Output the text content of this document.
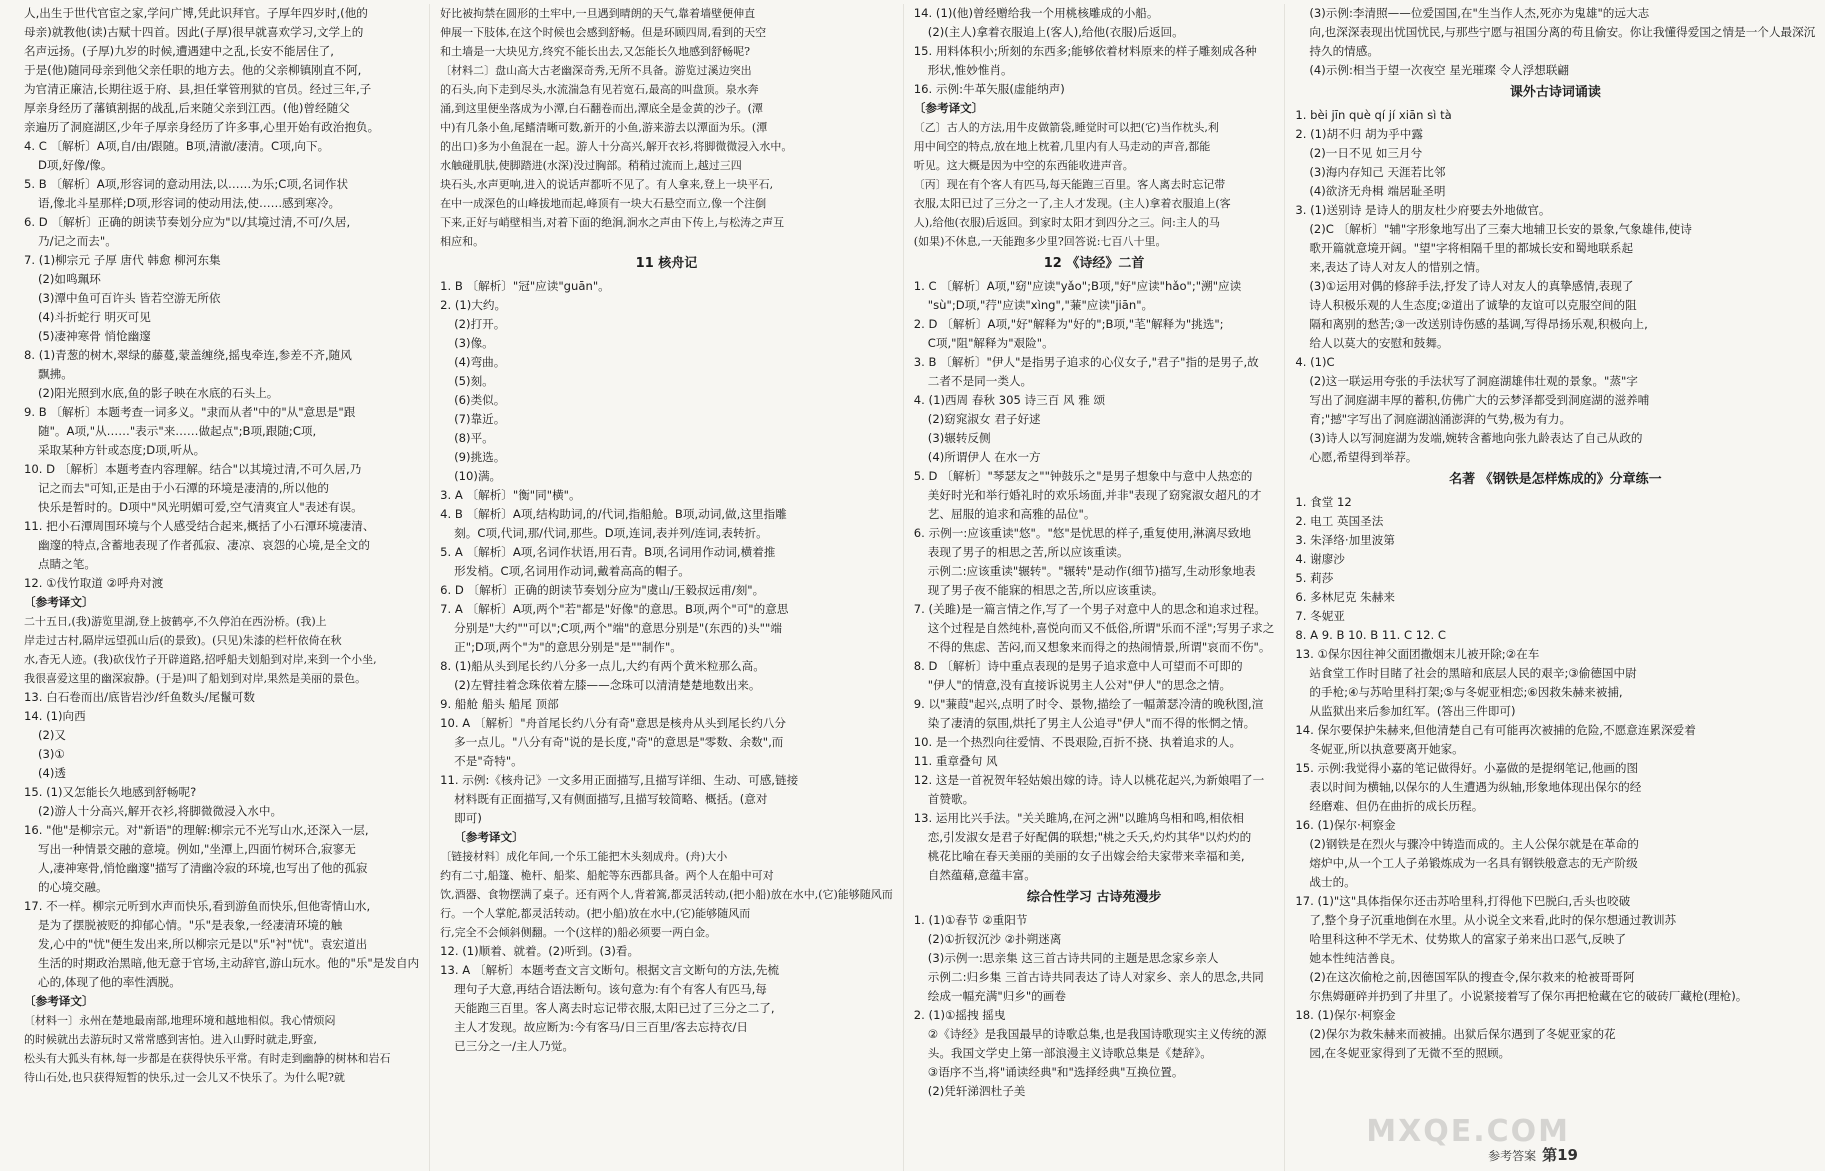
人,出生于世代官宦之家,学问广博,凭此识拜官。子厚年四岁时,(他的
母亲)就教他(读)古赋十四首。因此(子厚)很早就喜欢学习,文学上的
名声远扬。(子厚)九岁的时候,遭遇建中之乱,长安不能居住了,
于是(他)随同母亲到他父亲任职的地方去。他的父亲柳镇刚直不阿,
为官清正廉洁,长期往返于府、县,担任掌管刑狱的官员。经过三年,子
厚亲身经历了藩镇割据的战乱,后来随父亲到江西。(他)曾经随父
亲遍历了洞庭湖区,少年子厚亲身经历了许多事,心里开始有政治抱负。
4. C 〔解析〕A项,自/由/跟随。B项,清澈/凄清。C项,向下。
D项,好像/像。
5. B 〔解析〕A项,形容词的意动用法,以……为乐;C项,名词作状
语,像北斗星那样;D项,形容词的使动用法,使……感到寒冷。
6. D 〔解析〕正确的朗读节奏划分应为"以/其境过清,不可/久居,
乃/记之而去"。
7. (1)柳宗元 子厚 唐代 韩愈 柳河东集
(2)如鸣珮环
(3)潭中鱼可百许头 皆若空游无所依
(4)斗折蛇行 明灭可见
(5)凄神寒骨 悄怆幽邃
8. (1)青葱的树木,翠绿的藤蔓,蒙盖缠绕,摇曳牵连,参差不齐,随风
飘拂。
(2)阳光照到水底,鱼的影子映在水底的石头上。
9. B 〔解析〕本题考查一词多义。"隶而从者"中的"从"意思是"跟
随"。A项,"从……"表示"来……做起点";B项,跟随;C项,
采取某种方针或态度;D项,听从。
10. D 〔解析〕本题考查内容理解。结合"以其境过清,不可久居,乃
记之而去"可知,正是由于小石潭的环境是凄清的,所以他的
快乐是暂时的。D项中"风光明媚可爱,空气清爽宜人"表述有误。
11. 把小石潭周围环境与个人感受结合起来,概括了小石潭环境凄清、
幽邃的特点,含蓄地表现了作者孤寂、凄凉、哀怨的心境,是全文的
点睛之笔。
12. ①伐竹取道 ②呼舟对渡
〔参考译文〕
二十五日,(我)游览里湖,登上披鹤亭,不久停泊在西汾桥。(我)上
岸走过古村,隔岸远望孤山后(的景致)。(只见)朱漆的栏杆依倚在秋
水,杳无人迹。(我)砍伐竹子开辟道路,招呼船夫划船到对岸,来到一个小坐,
我很喜爱这里的幽深寂静。(于是)叫了船划到对岸,果然是美丽的景色。
13. 白石卷而出/底皆岩沙/纤鱼数头/尾鬣可数
14. (1)向西
(2)又
(3)①
(4)透
15. (1)又怎能长久地感到舒畅呢?
(2)游人十分高兴,解开衣衫,将脚微微浸入水中。
16. "他"是柳宗元。对"新语"的理解:柳宗元不光写山水,还深入一层,
写出一种情景交融的意境。例如,"坐潭上,四面竹树环合,寂寥无
人,凄神寒骨,悄怆幽邃"描写了清幽冷寂的环境,也写出了他的孤寂
的心境交融。
17. 不一样。柳宗元听到水声而快乐,看到游鱼而快乐,但他寄情山水,
是为了摆脱被贬的抑郁心情。"乐"是表象,一经凄清环境的触
发,心中的"忧"便生发出来,所以柳宗元是以"乐"衬"忧"。袁宏道出
生活的时期政治黑暗,他无意于官场,主动辞官,游山玩水。他的"乐"是发自内
心的,体现了他的率性洒脱。
〔参考译文〕
〔材料一〕永州在楚地最南部,地理环境和越地相似。我心情烦闷
的时候就出去游玩时又常常感到害怕。进入山野时就走,野蛮,
松头有大狐头有林,每一步都是在获得快乐平常。有时走到幽静的树林和岩石
待山石处,也只获得短暂的快乐,过一会儿又不快乐了。为什么呢?就
好比被拘禁在圆形的土牢中,一旦遇到晴朗的天气,靠着墙壁便伸直
伸展一下肢体,在这个时候也会感到舒畅。但是环顾四周,看到的天空
和土墙是一大块见方,终究不能长出去,又怎能长久地感到舒畅呢?
〔材料二〕盘山高大古老幽深奇秀,无所不具备。游览过溪边突出
的石头,向下走到尽头,水流湍急有见若宽石,最高的叫盘顶。泉水奔
涌,到这里便坐落成为小潭,白石翻卷而出,潭底全是金黄的沙子。(潭
中)有几条小鱼,尾鳍清晰可数,新开的小鱼,游来游去以潭面为乐。(潭
的出口)多为小鱼混在一起。游人十分高兴,解开衣衫,将脚微微浸入水中。
水触碰肌肤,使脚踏进(水深)没过胸部。稍稍过流而上,越过三四
块石头,水声更响,进入的说话声都听不见了。有人拿来,登上一块平石,
在中一成深色的山峰拔地而起,峰顶有一块大石悬空而立,像一个注倒
下来,正好与峭壁相当,对着下面的绝涧,涧水之声由下传上,与松涛之声互
相应和。
11 核舟记
1. B 〔解析〕"冠"应读"guān"。
2. (1)大约。
(2)打开。
(3)像。
(4)弯曲。
(5)刻。
(6)类似。
(7)靠近。
(8)平。
(9)挑选。
(10)满。
3. A 〔解析〕"衡"同"横"。
4. B 〔解析〕A项,结构助词,的/代词,指船舱。B项,动词,做,这里指雕
刻。C项,代词,那/代词,那些。D项,连词,表并列/连词,表转折。
5. A 〔解析〕A项,名词作状语,用石青。B项,名词用作动词,横着推
形发梢。C项,名词用作动词,戴着高高的帽子。
6. D 〔解析〕正确的朗读节奏划分应为"虞山/王毅叔远甫/刻"。
7. A 〔解析〕A项,两个"若"都是"好像"的意思。B项,两个"可"的意思
分别是"大约""可以";C项,两个"端"的意思分别是"(东西的)头""端
正";D项,两个"为"的意思分别是"是""制作"。
8. (1)船从头到尾长约八分多一点儿,大约有两个黄米粒那么高。
(2)左臂挂着念珠依着左膝——念珠可以清清楚楚地数出来。
9. 船舱 船头 船尾 顶部
10. A 〔解析〕"舟首尾长约八分有奇"意思是核舟从头到尾长约八分
多一点儿。"八分有奇"说的是长度,"奇"的意思是"零数、余数",而
不是"奇特"。
11. 示例:《核舟记》一文多用正面描写,且描写详细、生动、可感,链接
材料既有正面描写,又有侧面描写,且描写较简略、概括。(意对
即可)
〔参考译文〕
〔链接材料〕成化年间,一个乐工能把木头刻成舟。(舟)大小
约有二寸,船篷、桅杆、船桨、船舵等东西都具备。两个人在船中可对
饮,酒器、食物摆满了桌子。还有两个人,背着篙,都灵活转动,(把小船)放在水中,(它)能够随风而
行。一个人掌舵,都灵活转动。(把小船)放在水中,(它)能够随风而
行,完全不会倾斜侧翻。一个(这样的)船必须要一两白金。
12. (1)顺着、就着。(2)听到。(3)看。
13. A 〔解析〕本题考查文言文断句。根据文言文断句的方法,先梳
理句子大意,再结合语法断句。该句意为:有个有客人有匹马,每
天能跑三百里。客人离去时忘记带衣服,太阳已过了三分之二了,
主人才发现。故应断为:今有客马/日三百里/客去忘持衣/日
已三分之一/主人乃觉。
14. (1)(他)曾经赠给我一个用桃核雕成的小船。
(2)(主人)拿着衣服追上(客人),给他(衣服)后返回。
15. 用料体积小;所刻的东西多;能够依着材料原来的样子雕刻成各种
形状,惟妙惟肖。
16. 示例:牛革矢服(虚能纳声)
〔参考译文〕
〔乙〕古人的方法,用牛皮做箭袋,睡觉时可以把(它)当作枕头,利
用中间空的特点,放在地上枕着,几里内有人马走动的声音,都能
听见。这大概是因为中空的东西能收进声音。
〔丙〕现在有个客人有匹马,每天能跑三百里。客人离去时忘记带
衣服,太阳已过了三分之一了,主人才发现。(主人)拿着衣服追上(客
人),给他(衣服)后返回。到家时太阳才到四分之三。问:主人的马
(如果)不休息,一天能跑多少里?回答说:七百八十里。
12 《诗经》二首
1. C 〔解析〕A项,"窈"应读"yǎo";B项,"好"应读"hǎo";"溯"应读
"sù";D项,"荇"应读"xìng","蒹"应读"jiān"。
2. D 〔解析〕A项,"好"解释为"好的";B项,"芼"解释为"挑选";
C项,"阻"解释为"艰险"。
3. B 〔解析〕"伊人"是指男子追求的心仪女子,"君子"指的是男子,故
二者不是同一类人。
4. (1)西周 春秋 305 诗三百 风 雅 颂
(2)窈窕淑女 君子好逑
(3)辗转反侧
(4)所谓伊人 在水一方
5. D 〔解析〕"琴瑟友之""钟鼓乐之"是男子想象中与意中人热恋的
美好时光和举行婚礼时的欢乐场面,并非"表现了窈窕淑女超凡的才
艺、屈服的追求和高雅的品位"。
6. 示例一:应该重读"悠"。"悠"是忧思的样子,重复使用,淋漓尽致地
表现了男子的相思之苦,所以应该重读。
示例二:应该重读"辗转"。"辗转"是动作(细节)描写,生动形象地表
现了男子夜不能寐的相思之苦,所以应该重读。
7. (关雎)是一篇言情之作,写了一个男子对意中人的思念和追求过程。
这个过程是自然纯朴,喜悦向而又不低俗,所谓"乐而不淫";写男子求之
不得的焦虑、苦闷,而又想象来而得之的热闹情景,所谓"哀而不伤"。
8. D 〔解析〕诗中重点表现的是男子追求意中人可望而不可即的
"伊人"的情意,没有直接诉说男主人公对"伊人"的思念之情。
9. 以"蒹葭"起兴,点明了时令、景物,描绘了一幅萧瑟冷清的晚秋图,渲
染了凄清的氛围,烘托了男主人公追寻"伊人"而不得的怅惘之情。
10. 是一个热烈向往爱情、不畏艰险,百折不挠、执着追求的人。
11. 重章叠句 风
12. 这是一首祝贺年轻姑娘出嫁的诗。诗人以桃花起兴,为新娘唱了一
首赞歌。
13. 运用比兴手法。"关关雎鸠,在河之洲"以雎鸠鸟相和鸣,相依相
恋,引发淑女是君子好配偶的联想;"桃之夭夭,灼灼其华"以灼灼的
桃花比喻在春天美丽的美丽的女子出嫁会给夫家带来幸福和美,
自然蕴藉,意蕴丰富。
综合性学习 古诗苑漫步
1. (1)①春节 ②重阳节
(2)①折钗沉沙 ②扑朔迷离
(3)示例一:思亲集 这三首古诗共同的主题是思念家乡亲人
示例二:归乡集 三首古诗共同表达了诗人对家乡、亲人的思念,共同
绘成一幅充满"归乡"的画卷
2. (1)①摇拽 摇曳
②《诗经》是我国最早的诗歌总集,也是我国诗歌现实主义传统的源
头。我国文学史上第一部浪漫主义诗歌总集是《楚辞》。
③语序不当,将"诵读经典"和"选择经典"互换位置。
(2)凭轩涕泗杜子美
(3)示例:李清照——位爱国国,在"生当作人杰,死亦为鬼雄"的远大志
向,也深深表现出忧国忧民,与那些宁愿与祖国分离的苟且偷安。你让我懂得爱国之情是一个人最深沉
持久的情感。
(4)示例:相当于望一次夜空 星光璀璨 令人浮想联翩
课外古诗词诵读
1. bèi jīn què qí jí xiān sì tà
2. (1)胡不归 胡为乎中露
(2)一日不见 如三月兮
(3)海内存知己 天涯若比邻
(4)欲济无舟楫 端居耻圣明
3. (1)送别诗 是诗人的朋友杜少府要去外地做官。
(2)C 〔解析〕"辅"字形象地写出了三秦大地辅卫长安的景象,气象雄伟,使诗
歌开篇就意境开阔。"望"字将相隔千里的都城长安和蜀地联系起
来,表达了诗人对友人的惜别之情。
(3)①运用对偶的修辞手法,抒发了诗人对友人的真挚感情,表现了
诗人积极乐观的人生态度;②道出了诚挚的友谊可以克服空间的阻
隔和离别的愁苦;③一改送别诗伤感的基调,写得昂扬乐观,积极向上,
给人以莫大的安慰和鼓舞。
4. (1)C
(2)这一联运用夸张的手法状写了洞庭湖雄伟壮观的景象。"蒸"字
写出了洞庭湖丰厚的蓄积,仿佛广大的云梦泽都受到洞庭湖的滋养哺
育;"撼"字写出了洞庭湖汹涌澎湃的气势,极为有力。
(3)诗人以写洞庭湖为发端,婉转含蓄地向张九龄表达了自己从政的
心愿,希望得到举荐。
名著 《钢铁是怎样炼成的》分章练一
1. 食堂 12
2. 电工 英国圣法
3. 朱泽络·加里波第
4. 谢廖沙
5. 莉莎
6. 多林尼克 朱赫来
7. 冬妮亚
8. A 9. B 10. B 11. C 12. C
13. ①保尔因往神父面团撒烟末儿被开除;②在车
站食堂工作时目睹了社会的黑暗和底层人民的艰辛;③偷德国中尉
的手枪;④与苏哈里科打架;⑤与冬妮亚相恋;⑥因救朱赫来被捕,
从监狱出来后参加红军。(答出三件即可)
14. 保尔要保护朱赫来,但他清楚自己有可能再次被捕的危险,不愿意连累深爱着
冬妮亚,所以执意要离开她家。
15. 示例:我觉得小嘉的笔记做得好。小嘉做的是提纲笔记,他画的图
表以时间为横轴,以保尔的人生遭遇为纵轴,形象地体现出保尔的经
经磨难、但仍在曲折的成长历程。
16. (1)保尔·柯察金
(2)钢铁是在烈火与骤冷中铸造而成的。主人公保尔就是在革命的
熔炉中,从一个工人子弟锻炼成为一名具有钢铁般意志的无产阶级
战士的。
17. (1)"这"具体指保尔还击苏哈里科,打得他下巴脱臼,舌头也咬破
了,整个身子沉重地倒在水里。从小说全文来看,此时的保尔想通过教训苏
哈里科这种不学无术、仗势欺人的富家子弟来出口恶气,反映了
她本性纯洁善良。
(2)在这次偷枪之前,因德国军队的搜查令,保尔救来的枪被哥哥阿
尔焦姆砸碎并扔到了井里了。小说紧接着写了保尔再把枪藏在它的破砖厂藏枪(理枪)。
18. (1)保尔·柯察金
(2)保尔为救朱赫来而被捕。出狱后保尔遇到了冬妮亚家的花
园,在冬妮亚家得到了无微不至的照顾。
MXQE.COM
参考答案 第19
